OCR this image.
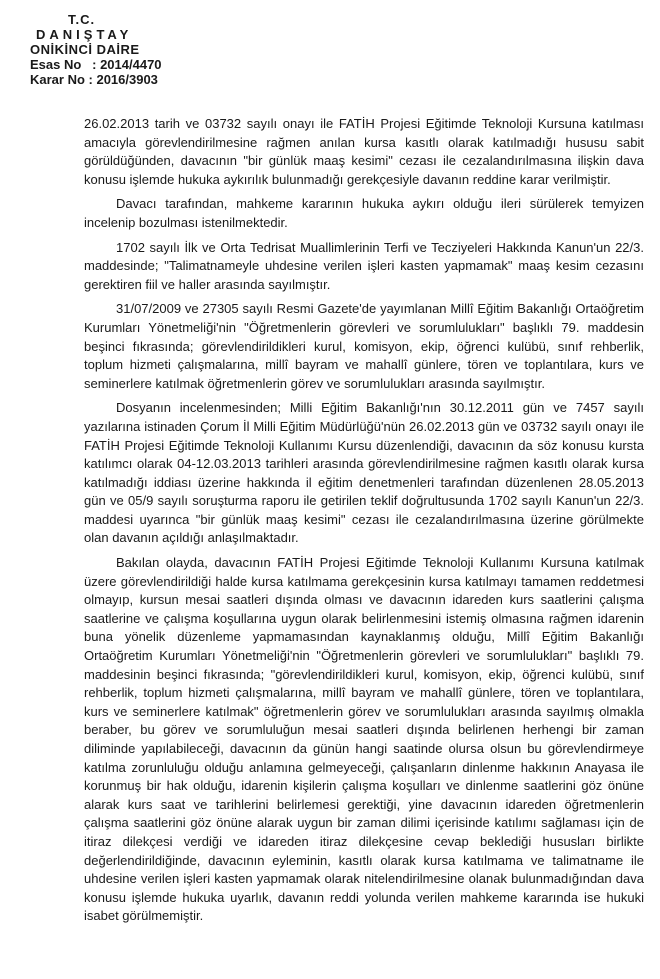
T.C.
DANIŞTAY
ONİKİNCİ DAİRE
Esas No   : 2014/4470
Karar No : 2016/3903

26.02.2013 tarih ve 03732 sayılı onayı ile FATİH Projesi Eğitimde Teknoloji Kursuna katılması amacıyla görevlendirilmesine rağmen anılan kursa kasıtlı olarak katılmadığı hususu sabit görüldüğünden, davacının "bir günlük maaş kesimi" cezası ile cezalandırılmasına ilişkin dava konusu işlemde hukuka aykırılık bulunmadığı gerekçesiyle davanın reddine karar verilmiştir.

Davacı tarafından, mahkeme kararının hukuka aykırı olduğu ileri sürülerek temyizen incelenip bozulması istenilmektedir.

1702 sayılı İlk ve Orta Tedrisat Muallimlerinin Terfi ve Tecziyeleri Hakkında Kanun'un 22/3. maddesinde; "Talimatnameyle uhdesine verilen işleri kasten yapmamak" maaş kesim cezasını gerektiren fiil ve haller arasında sayılmıştır.

31/07/2009 ve 27305 sayılı Resmi Gazete'de yayımlanan Millî Eğitim Bakanlığı Ortaöğretim Kurumları Yönetmeliği'nin "Öğretmenlerin görevleri ve sorumlulukları" başlıklı 79. maddesin beşinci fıkrasında; görevlendirildikleri kurul, komisyon, ekip, öğrenci kulübü, sınıf rehberlik, toplum hizmeti çalışmalarına, millî bayram ve mahallî günlere, tören ve toplantılara, kurs ve seminerlere katılmak öğretmenlerin görev ve sorumlulukları arasında sayılmıştır.

Dosyanın incelenmesinden; Milli Eğitim Bakanlığı'nın 30.12.2011 gün ve 7457 sayılı yazılarına istinaden Çorum İl Milli Eğitim Müdürlüğü'nün 26.02.2013 gün ve 03732 sayılı onayı ile FATİH Projesi Eğitimde Teknoloji Kullanımı Kursu düzenlendiği, davacının da söz konusu kursta katılımcı olarak 04-12.03.2013 tarihleri arasında görevlendirilmesine rağmen kasıtlı olarak kursa katılmadığı iddiası üzerine hakkında il eğitim denetmenleri tarafından düzenlenen 28.05.2013 gün ve 05/9 sayılı soruşturma raporu ile getirilen teklif doğrultusunda 1702 sayılı Kanun'un 22/3. maddesi uyarınca "bir günlük maaş kesimi" cezası ile cezalandırılmasına üzerine görülmekte olan davanın açıldığı anlaşılmaktadır.

Bakılan olayda, davacının FATİH Projesi Eğitimde Teknoloji Kullanımı Kursuna katılmak üzere görevlendirildiği halde kursa katılmama gerekçesinin kursa katılmayı tamamen reddetmesi olmayıp, kursun mesai saatleri dışında olması ve davacının idareden kurs saatlerini çalışma saatlerine ve çalışma koşullarına uygun olarak belirlenmesini istemiş olmasına rağmen idarenin buna yönelik düzenleme yapmamasından kaynaklanmış olduğu, Millî Eğitim Bakanlığı Ortaöğretim Kurumları Yönetmeliği'nin "Öğretmenlerin görevleri ve sorumlulukları" başlıklı 79. maddesinin beşinci fıkrasında; "görevlendirildikleri kurul, komisyon, ekip, öğrenci kulübü, sınıf rehberlik, toplum hizmeti çalışmalarına, millî bayram ve mahallî günlere, tören ve toplantılara, kurs ve seminerlere katılmak" öğretmenlerin görev ve sorumlulukları arasında sayılmış olmakla beraber, bu görev ve sorumluluğun mesai saatleri dışında belirlenen herhengi bir zaman diliminde yapılabileceği, davacının da günün hangi saatinde olursa olsun bu görevlendirmeye katılma zorunluluğu olduğu anlamına gelmeyeceği, çalışanların dinlenme hakkının Anayasa ile korunmuş bir hak olduğu, idarenin kişilerin çalışma koşulları ve dinlenme saatlerini göz önüne alarak kurs saat ve tarihlerini belirlemesi gerektiği, yine davacının idareden öğretmenlerin çalışma saatlerini göz önüne alarak uygun bir zaman dilimi içerisinde katılımı sağlaması için de itiraz dilekçesi verdiği ve idareden itiraz dilekçesine cevap beklediği hususları birlikte değerlendirildiğinde, davacının eyleminin, kasıtlı olarak kursa katılmama ve talimatname ile uhdesine verilen işleri kasten yapmamak olarak nitelendirilmesine olanak bulunmadığından dava konusu işlemde hukuka uyarlık, davanın reddi yolunda verilen mahkeme kararında ise hukuki isabet görülmemiştir.
